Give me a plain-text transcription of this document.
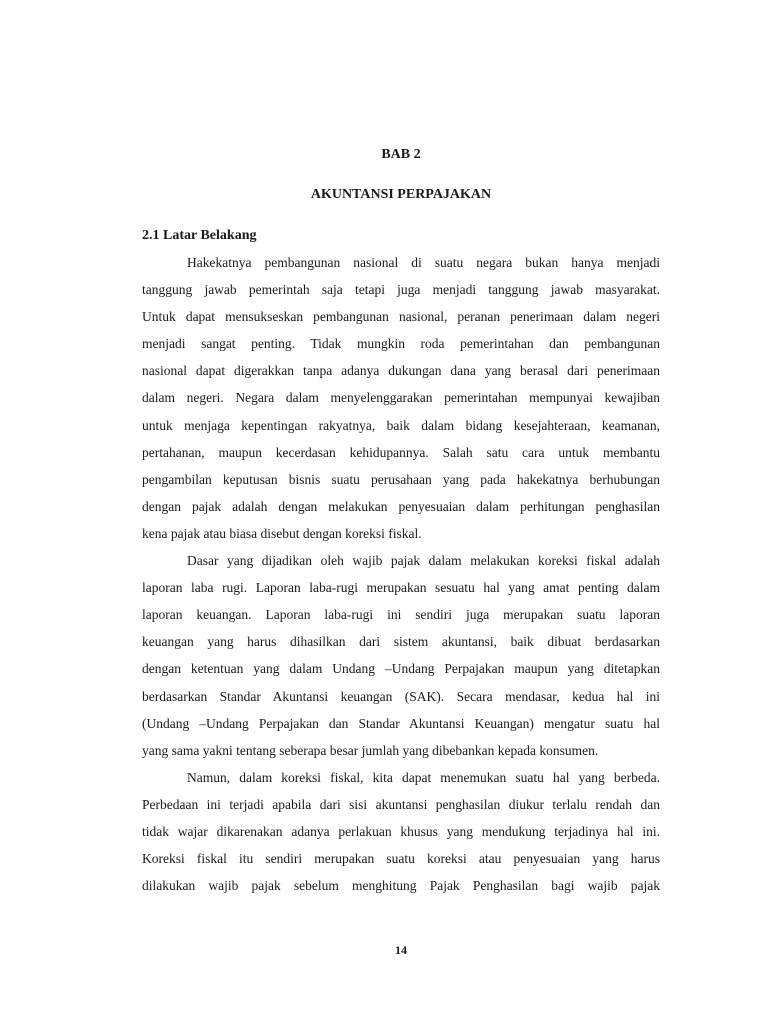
BAB 2
AKUNTANSI PERPAJAKAN
2.1 Latar Belakang
Hakekatnya pembangunan nasional di suatu negara bukan hanya menjadi
tanggung jawab pemerintah saja tetapi juga menjadi tanggung jawab masyarakat.
Untuk dapat mensukseskan pembangunan nasional, peranan penerimaan dalam negeri
menjadi sangat penting. Tidak mungkin roda pemerintahan dan pembangunan
nasional dapat digerakkan tanpa adanya dukungan dana yang berasal dari penerimaan
dalam negeri. Negara dalam menyelenggarakan pemerintahan mempunyai kewajiban
untuk menjaga kepentingan rakyatnya, baik dalam bidang kesejahteraan, keamanan,
pertahanan, maupun kecerdasan kehidupannya. Salah satu cara untuk membantu
pengambilan keputusan bisnis suatu perusahaan yang pada hakekatnya berhubungan
dengan pajak adalah dengan melakukan penyesuaian dalam perhitungan penghasilan
kena pajak atau biasa disebut dengan koreksi fiskal.
Dasar yang dijadikan oleh wajib pajak dalam melakukan koreksi fiskal adalah
laporan laba rugi. Laporan laba-rugi merupakan sesuatu hal yang amat penting dalam
laporan keuangan. Laporan laba-rugi ini sendiri juga merupakan suatu laporan
keuangan yang harus dihasilkan dari sistem akuntansi, baik dibuat berdasarkan
dengan ketentuan yang dalam Undang –Undang Perpajakan maupun yang ditetapkan
berdasarkan Standar Akuntansi keuangan (SAK). Secara mendasar, kedua hal ini
(Undang –Undang Perpajakan dan Standar Akuntansi Keuangan) mengatur suatu hal
yang sama yakni tentang seberapa besar jumlah yang dibebankan kepada konsumen.
Namun, dalam koreksi fiskal, kita dapat menemukan suatu hal yang berbeda.
Perbedaan ini terjadi apabila dari sisi akuntansi penghasilan diukur terlalu rendah dan
tidak wajar dikarenakan adanya perlakuan khusus yang mendukung terjadinya hal ini.
Koreksi fiskal itu sendiri merupakan suatu koreksi atau penyesuaian yang harus
dilakukan wajib pajak sebelum menghitung Pajak Penghasilan bagi wajib pajak
14
